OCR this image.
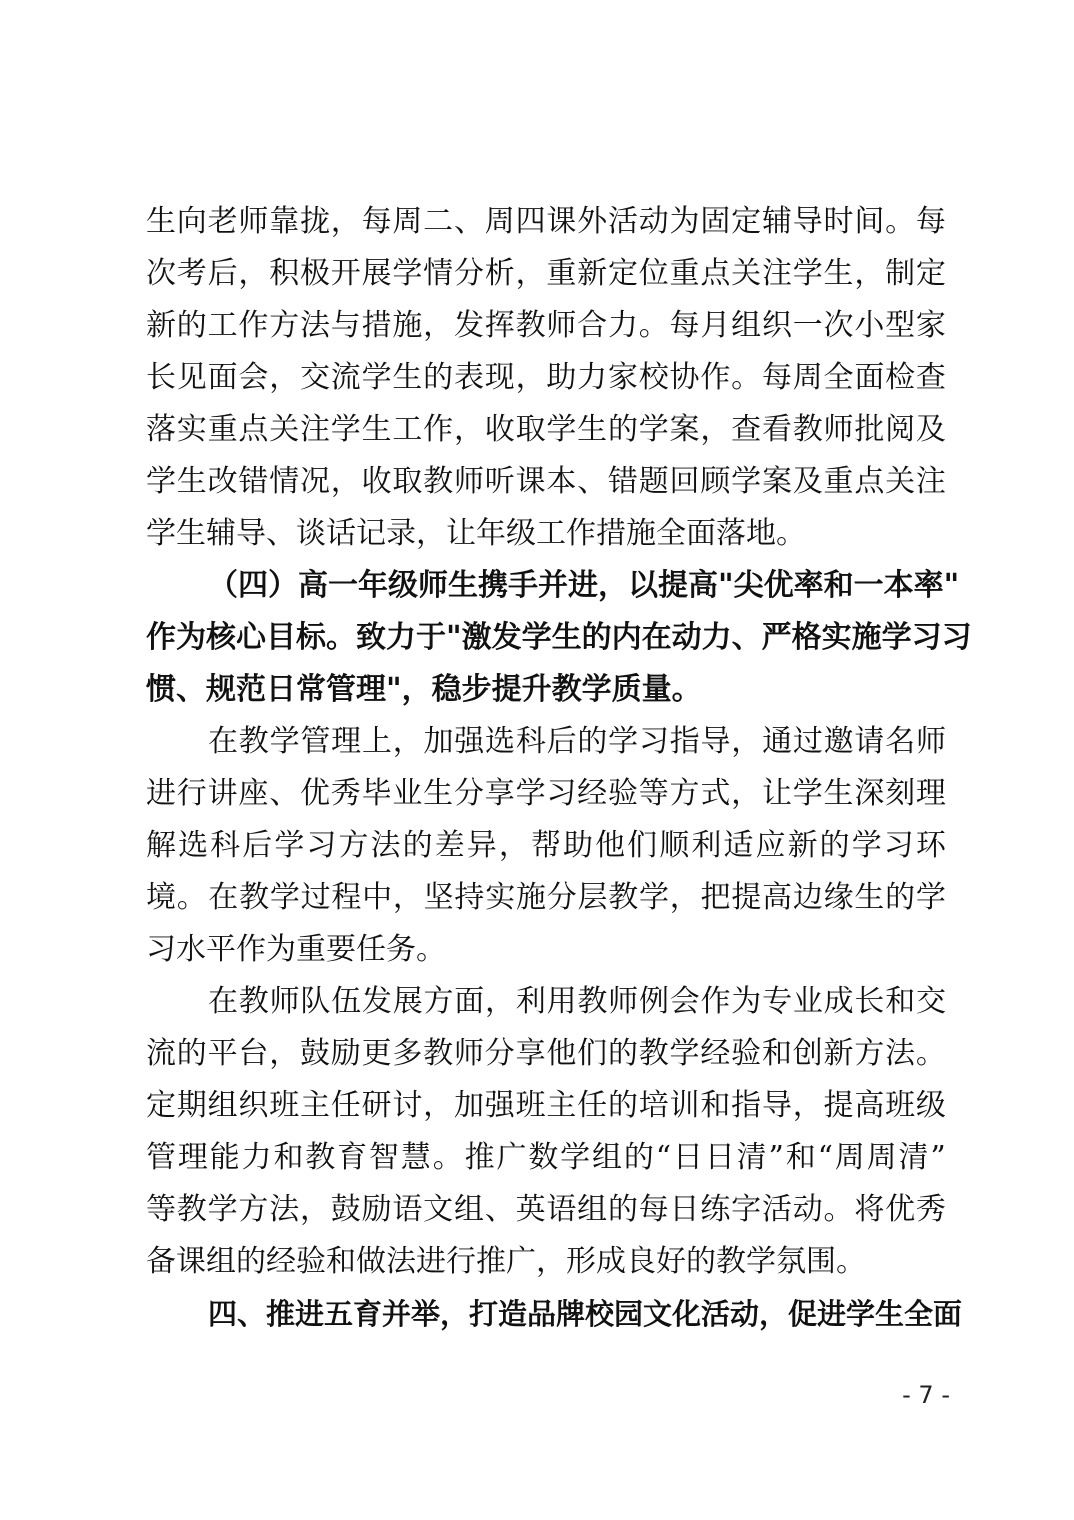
生 向 老 师 靠 拢 ， 每 周 二 、 周 四 课 外 活 动 为 固 定 辅 导 时 间 。 每
次 考 后 ， 积 极 开 展 学 情 分 析 ， 重 新 定 位 重 点 关 注 学 生 ， 制 定
新 的 工 作 方 法 与 措 施 ， 发 挥 教 师 合 力 。 每 月 组 织 一 次 小 型 家
长 见 面 会 ， 交 流 学 生 的 表 现 ， 助 力 家 校 协 作 。 每 周 全 面 检 查
落 实 重 点 关 注 学 生 工 作 ， 收 取 学 生 的 学 案 ， 查 看 教 师 批 阅 及
学 生 改 错 情 况 ， 收 取 教 师 听 课 本 、 错 题 回 顾 学 案 及 重 点 关 注
学生辅导、谈话记录，让年级工作措施全面落地。
（四）高一年级师生携手并进，以提高"尖优率和一本率"
作为核心目标。致力于"激发学生的内在动力、严格实施学习习
惯、规范日常管理"，稳步提升教学质量。
在 教 学 管 理 上 ， 加 强 选 科 后 的 学 习 指 导 ， 通 过 邀 请 名 师
进 行 讲 座 、 优 秀 毕 业 生 分 享 学 习 经 验 等 方 式 ， 让 学 生 深 刻 理
解 选 科 后 学 习 方 法 的 差 异 ， 帮 助 他 们 顺 利 适 应 新 的 学 习 环
境 。 在 教 学 过 程 中 ， 坚 持 实 施 分 层 教 学 ， 把 提 高 边 缘 生 的 学
习水平作为重要任务。
在 教 师 队 伍 发 展 方 面 ， 利 用 教 师 例 会 作 为 专 业 成 长 和 交
流 的 平 台 ， 鼓 励 更 多 教 师 分 享 他 们 的 教 学 经 验 和 创 新 方 法 。
定 期 组 织 班 主 任 研 讨 ， 加 强 班 主 任 的 培 训 和 指 导 ， 提 高 班 级
管 理 能 力 和 教 育 智 慧 。 推 广 数 学 组 的 “ 日 日 清 ” 和 “ 周 周 清 ”
等 教 学 方 法 ， 鼓 励 语 文 组 、 英 语 组 的 每 日 练 字 活 动 。 将 优 秀
备课组的经验和做法进行推广，形成良好的教学氛围。
四、推进五育并举，打造品牌校园文化活动，促进学生全面
- 7 -
